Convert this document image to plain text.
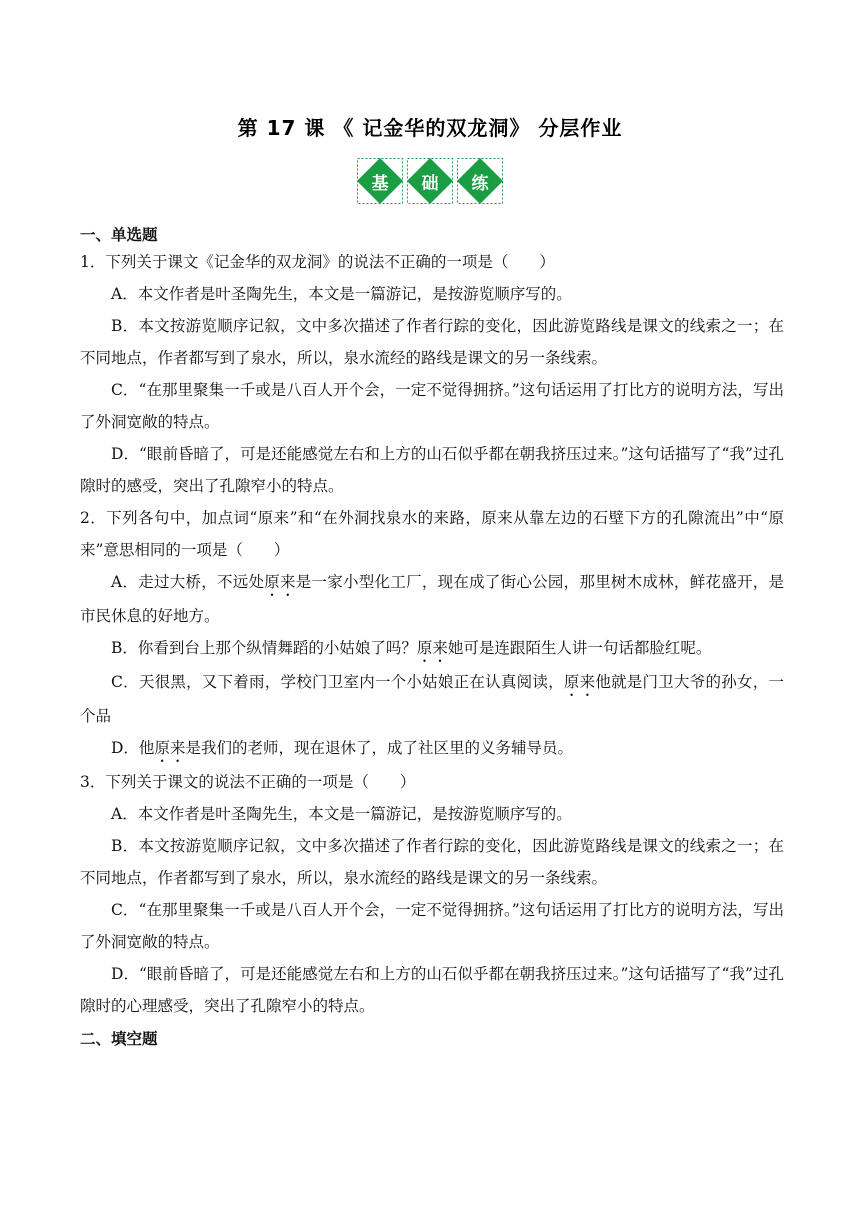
第 17 课 《 记金华的双龙洞》 分层作业
基	础	练

一、单选题

1．下列关于课文《记金华的双龙洞》的说法不正确的一项是（　　）

A．本文作者是叶圣陶先生，本文是一篇游记，是按游览顺序写的。

B．本文按游览顺序记叙，文中多次描述了作者行踪的变化，因此游览路线是课文的线索之一；在不同地点，作者都写到了泉水，所以，泉水流经的路线是课文的另一条线索。

C．“在那里聚集一千或是八百人开个会，一定不觉得拥挤。”这句话运用了打比方的说明方法，写出了外洞宽敞的特点。

D．“眼前昏暗了，可是还能感觉左右和上方的山石似乎都在朝我挤压过来。”这句话描写了“我”过孔隙时的感受，突出了孔隙窄小的特点。

2．下列各句中，加点词“原来”和“在外洞找泉水的来路，原来从靠左边的石壁下方的孔隙流出”中“原来”意思相同的一项是（　　）

A．走过大桥，不远处原来是一家小型化工厂，现在成了街心公园，那里树木成林，鲜花盛开，是市民休息的好地方。

B．你看到台上那个纵情舞蹈的小姑娘了吗？原来她可是连跟陌生人讲一句话都脸红呢。

C．天很黑，又下着雨，学校门卫室内一个小姑娘正在认真阅读，原来他就是门卫大爷的孙女，一个品

D．他原来是我们的老师，现在退休了，成了社区里的义务辅导员。

3．下列关于课文的说法不正确的一项是（　　）

A．本文作者是叶圣陶先生，本文是一篇游记，是按游览顺序写的。

B．本文按游览顺序记叙，文中多次描述了作者行踪的变化，因此游览路线是课文的线索之一；在不同地点，作者都写到了泉水，所以，泉水流经的路线是课文的另一条线索。

C．“在那里聚集一千或是八百人开个会，一定不觉得拥挤。”这句话运用了打比方的说明方法，写出了外洞宽敞的特点。

D．“眼前昏暗了，可是还能感觉左右和上方的山石似乎都在朝我挤压过来。”这句话描写了“我”过孔隙时的心理感受，突出了孔隙窄小的特点。

二、填空题
